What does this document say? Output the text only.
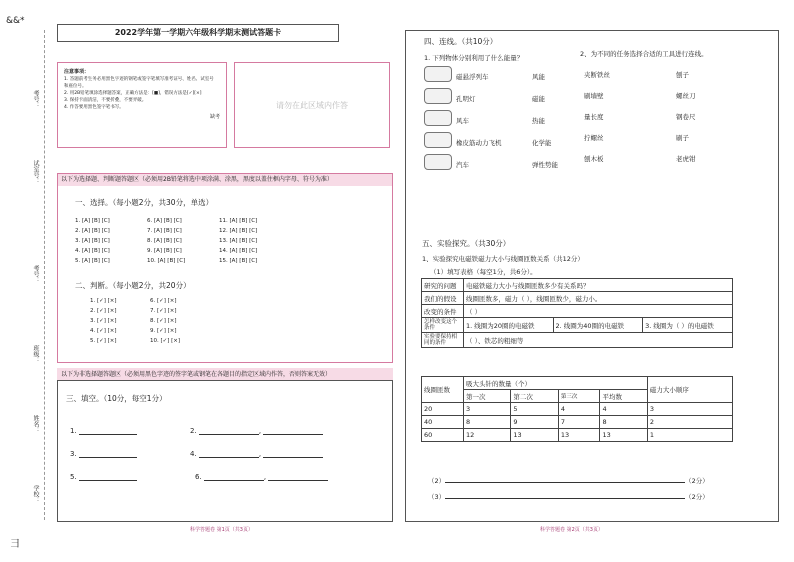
&&*
考号：
试室号：
考号：
班级：
姓名：
学校：
彐
2022学年第一学期六年级科学期末测试答题卡
注意事项：
1. 答题前考生务必用黑色字迹的钢笔或签字笔填写准考证号、姓名、试室号
和座位号。
2. 用2B铅笔填涂选择题答案，正确方法是：[■]，错误方法是[✓][×]
3. 保持卡面清洁，不要折叠，不要弄破。
4. 作答要用黑色签字笔书写。
缺考
请勿在此区域内作答
以下为选择题、判断题答题区（必须用2B铅笔将选中项涂满、涂黑，黑度以盖住框内字母、符号为准）
一、选择。（每小题2分，共30分，单选）
1. [A] [B] [C]
2. [A] [B] [C]
3. [A] [B] [C]
4. [A] [B] [C]
5. [A] [B] [C]
6. [A] [B] [C]
7. [A] [B] [C]
8. [A] [B] [C]
9. [A] [B] [C]
10. [A] [B] [C]
11. [A] [B] [C]
12. [A] [B] [C]
13. [A] [B] [C]
14. [A] [B] [C]
15. [A] [B] [C]
二、判断。（每小题2分，共20分）
1. [✓] [×]
2. [✓] [×]
3. [✓] [×]
4. [✓] [×]
5. [✓] [×]
6. [✓] [×]
7. [✓] [×]
8. [✓] [×]
9. [✓] [×]
10. [✓] [×]
以下为非选择题答题区（必须用黑色字迹的签字笔或钢笔在各题目的指定区域内作答，否则答案无效）
三、填空。（10分，每空1分）
1.	2.	,
3.	4.	,
5.	6.	,
科学答题卷 第1页（共3页）
四、连线。（共10分）
1. 下列物体分别利用了什么能量？	2、为不同的任务选择合适的工具进行连线。
磁悬浮列车	风能
孔明灯	磁能
风车	热能
橡皮筋动力飞机	化学能
汽车	弹性势能
夹断铁丝	刨子
刷墙壁	螺丝刀
量长度	钢卷尺
拧螺丝	刷子
刨木板	老虎钳
五、实验探究。（共30分）
1、实验探究电磁铁磁力大小与线圈匝数关系（共12分）
（1）填写表格（每空1分，共6分）。
研究的问题	电磁铁磁力大小与线圈匝数多少有关系吗？		
我们的假设	线圈匝数多，磁力（ ），线圈匝数少，磁力小。		
改变的条件	（ ）		
怎样改变这个条件	1. 线圈为20圈的电磁铁	2. 线圈为40圈的电磁铁	3. 线圈为（ ）的电磁铁
实验要保持相同的条件	（ ）、铁芯的粗细等		
线圈匝数	吸大头针的数量（个）				磁力大小顺序
	第一次	第二次	第三次	平均数	
20	3	5	4	4	3
40	8	9	7	8	2
60	12	13	13	13	1
（2）	（2分）
（3）	（2分）
科学答题卷 第2页（共3页）
